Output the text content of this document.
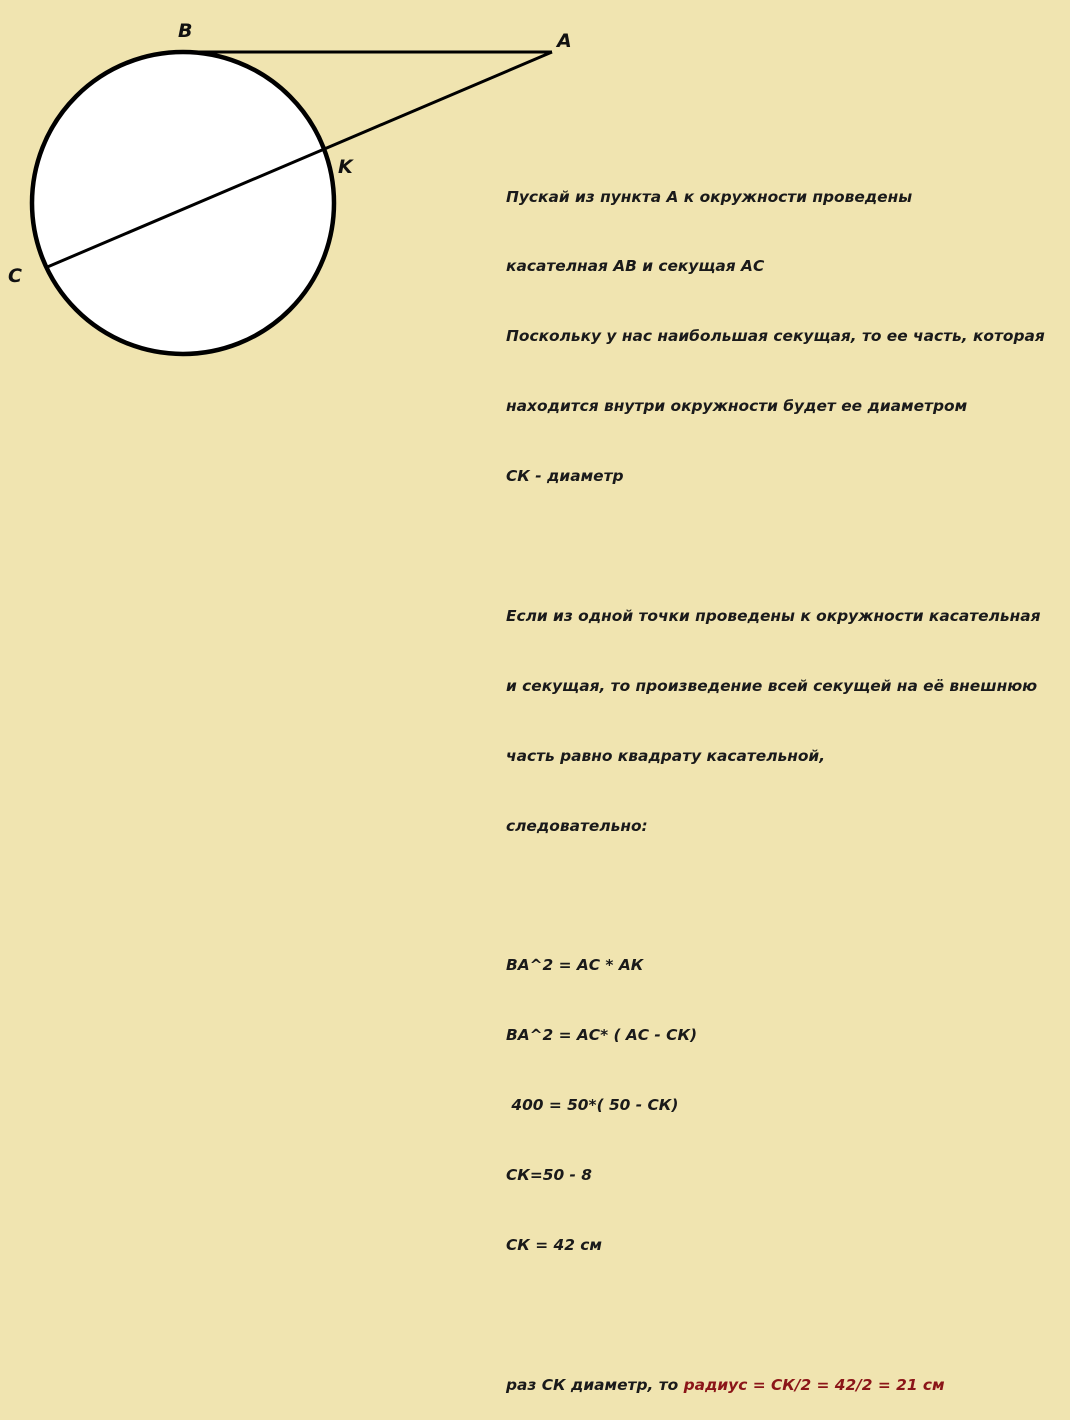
B	A
K
C

Пускай из пункта А к окружности проведены

касателная АВ и секущая АС

Поскольку у нас наибольшая секущая, то ее часть, которая

находится внутри окружности будет ее диаметром

СК - диаметр

Если из одной точки проведены к окружности касательная

и секущая, то произведение всей секущей на её внешнюю

часть равно квадрату касательной,

следовательно:

ВА^2 = АС * АК

ВА^2 = АС* ( АС - СК)

400 = 50*( 50 - СК)

СК=50 - 8

СК = 42 см

раз СК диаметр, то радиус = СК/2 = 42/2 = 21 см
